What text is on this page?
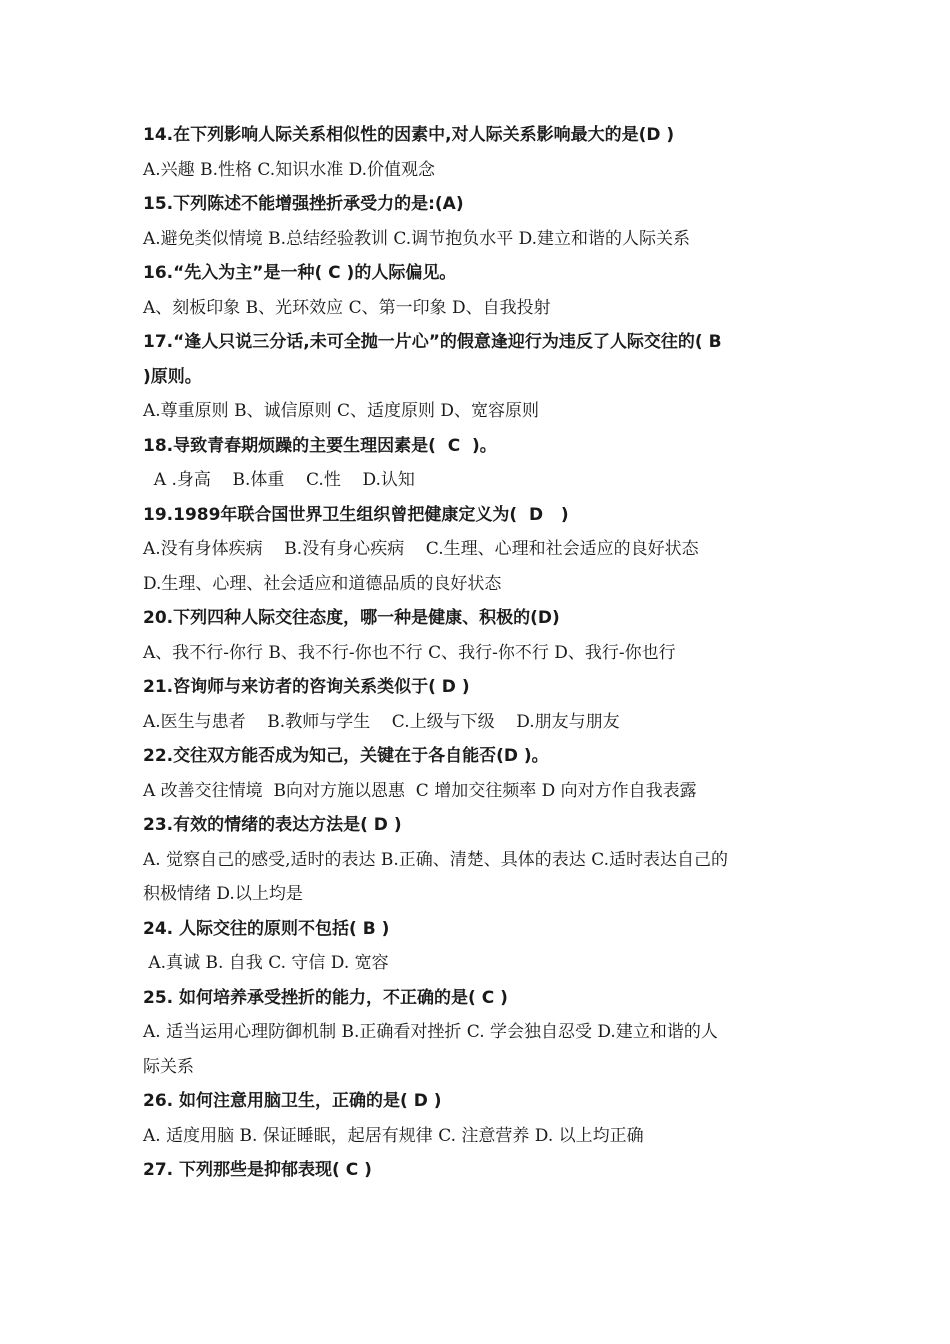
14.在下列影响人际关系相似性的因素中,对人际关系影响最大的是(D )
A.兴趣 B.性格 C.知识水准 D.价值观念
15.下列陈述不能增强挫折承受力的是:(A)
A.避免类似情境 B.总结经验教训 C.调节抱负水平 D.建立和谐的人际关系
16.“先入为主”是一种( C )的人际偏见。
A、刻板印象 B、光环效应 C、第一印象 D、自我投射
17.“逢人只说三分话,未可全抛一片心”的假意逢迎行为违反了人际交往的( B
)原则。
A.尊重原则 B、诚信原则 C、适度原则 D、宽容原则
18.导致青春期烦躁的主要生理因素是(  C  )。
A .身高    B.体重    C.性    D.认知
19.1989年联合国世界卫生组织曾把健康定义为(  D   )
A.没有身体疾病    B.没有身心疾病    C.生理、心理和社会适应的良好状态
D.生理、心理、社会适应和道德品质的良好状态
20.下列四种人际交往态度，哪一种是健康、积极的(D)
A、我不行-你行 B、我不行-你也不行 C、我行-你不行 D、我行-你也行
21.咨询师与来访者的咨询关系类似于( D )
A.医生与患者    B.教师与学生    C.上级与下级    D.朋友与朋友
22.交往双方能否成为知己，关键在于各自能否(D )。
A 改善交往情境  B向对方施以恩惠  C 增加交往频率 D 向对方作自我表露
23.有效的情绪的表达方法是( D )
A. 觉察自己的感受,适时的表达 B.正确、清楚、具体的表达 C.适时表达自己的
积极情绪 D.以上均是
24. 人际交往的原则不包括( B )
A.真诚 B. 自我 C. 守信 D. 宽容
25. 如何培养承受挫折的能力，不正确的是( C )
A. 适当运用心理防御机制 B.正确看对挫折 C. 学会独自忍受 D.建立和谐的人
际关系
26. 如何注意用脑卫生，正确的是( D )
A. 适度用脑 B. 保证睡眠，起居有规律 C. 注意营养 D. 以上均正确
27. 下列那些是抑郁表现( C )
